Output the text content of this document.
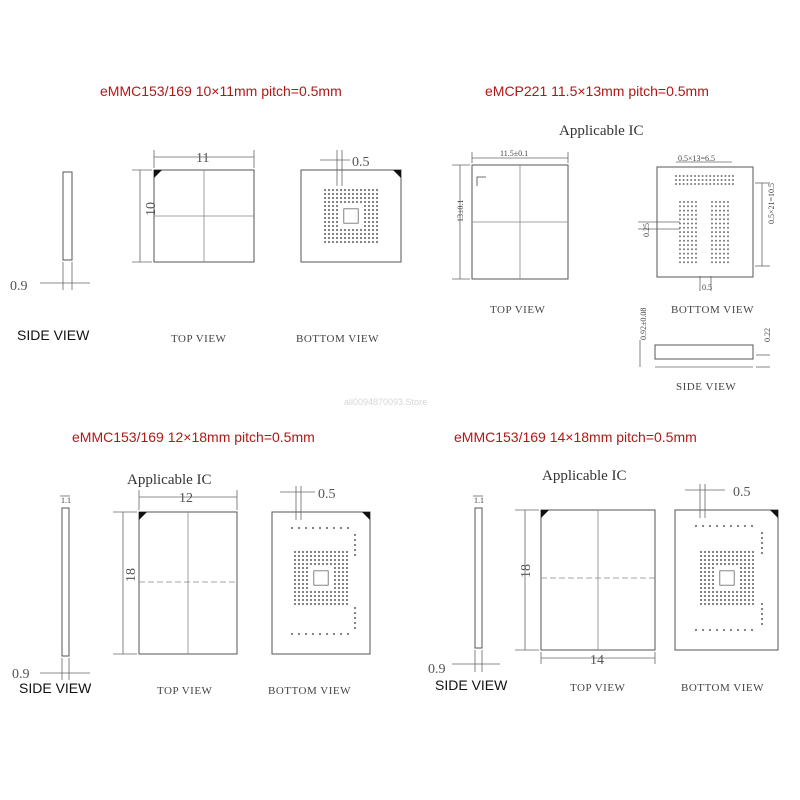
eMMC153/169 10×11mm pitch=0.5mm
0.9
SIDE VIEW
11
10
TOP VIEW
0.5
BOTTOM VIEW
eMCP221 11.5×13mm pitch=0.5mm
Applicable IC
11.5±0.1
13±0.1
TOP VIEW
0.5×13=6.5
0.5×21=10.5
0.25
0.5
BOTTOM VIEW
0.92±0.08	0.22
SIDE VIEW
ali0094870093.Store
eMMC153/169 12×18mm pitch=0.5mm
Applicable IC
1.1
0.9
SIDE VIEW
12
18
TOP VIEW
0.5
BOTTOM VIEW
eMMC153/169 14×18mm pitch=0.5mm
Applicable IC
1.1
0.9
SIDE VIEW
18
14
TOP VIEW
0.5
BOTTOM VIEW
